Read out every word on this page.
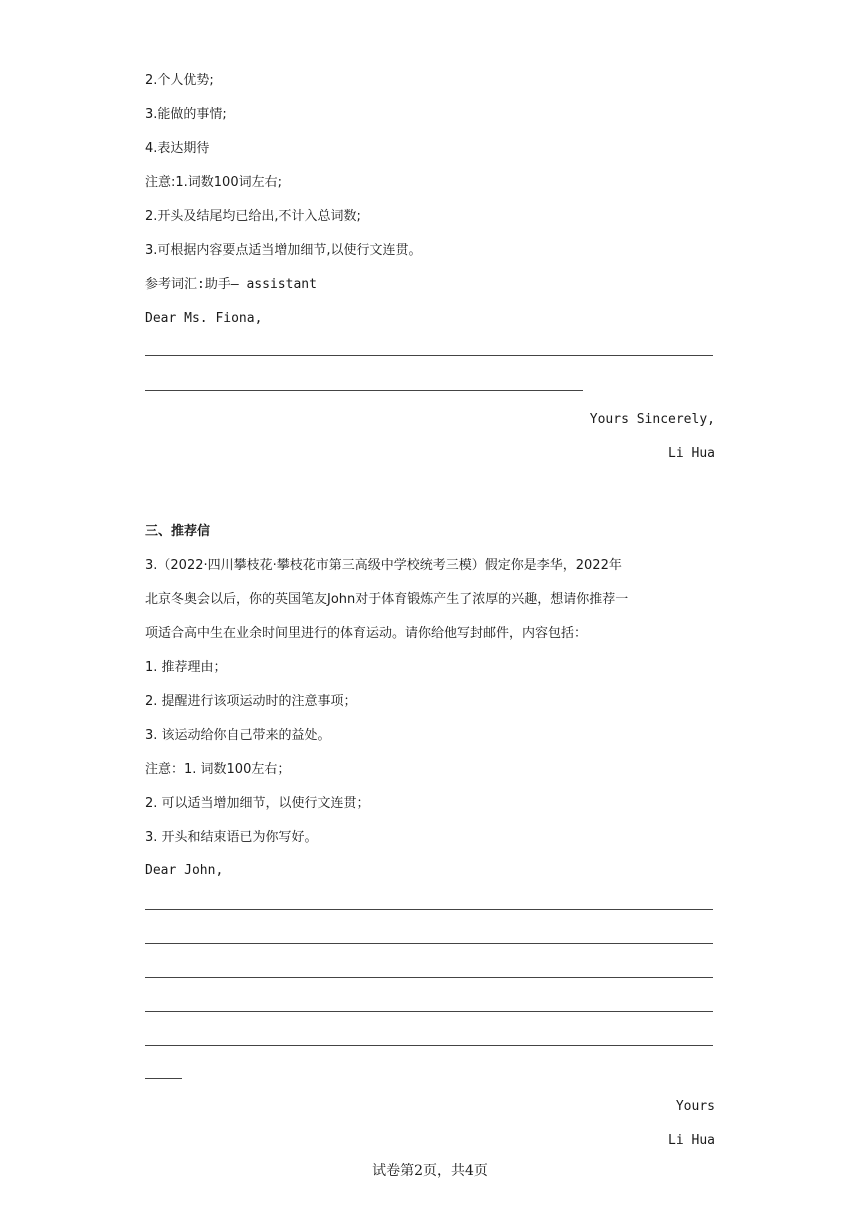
2.个人优势;
3.能做的事情;
4.表达期待
注意:1.词数100词左右;
2.开头及结尾均已给出,不计入总词数;
3.可根据内容要点适当增加细节,以使行文连贯。
参考词汇:助手— assistant
Dear Ms. Fiona,
Yours Sincerely,
Li Hua
三、推荐信
3.（2022·四川攀枝花·攀枝花市第三高级中学校统考三模）假定你是李华，2022年
北京冬奥会以后，你的英国笔友John对于体育锻炼产生了浓厚的兴趣，想请你推荐一
项适合高中生在业余时间里进行的体育运动。请你给他写封邮件，内容包括：
1. 推荐理由；
2. 提醒进行该项运动时的注意事项；
3. 该运动给你自己带来的益处。
注意：1. 词数100左右；
2. 可以适当增加细节，以使行文连贯；
3. 开头和结束语已为你写好。
Dear John,
Yours
Li Hua
试卷第2页，共4页
